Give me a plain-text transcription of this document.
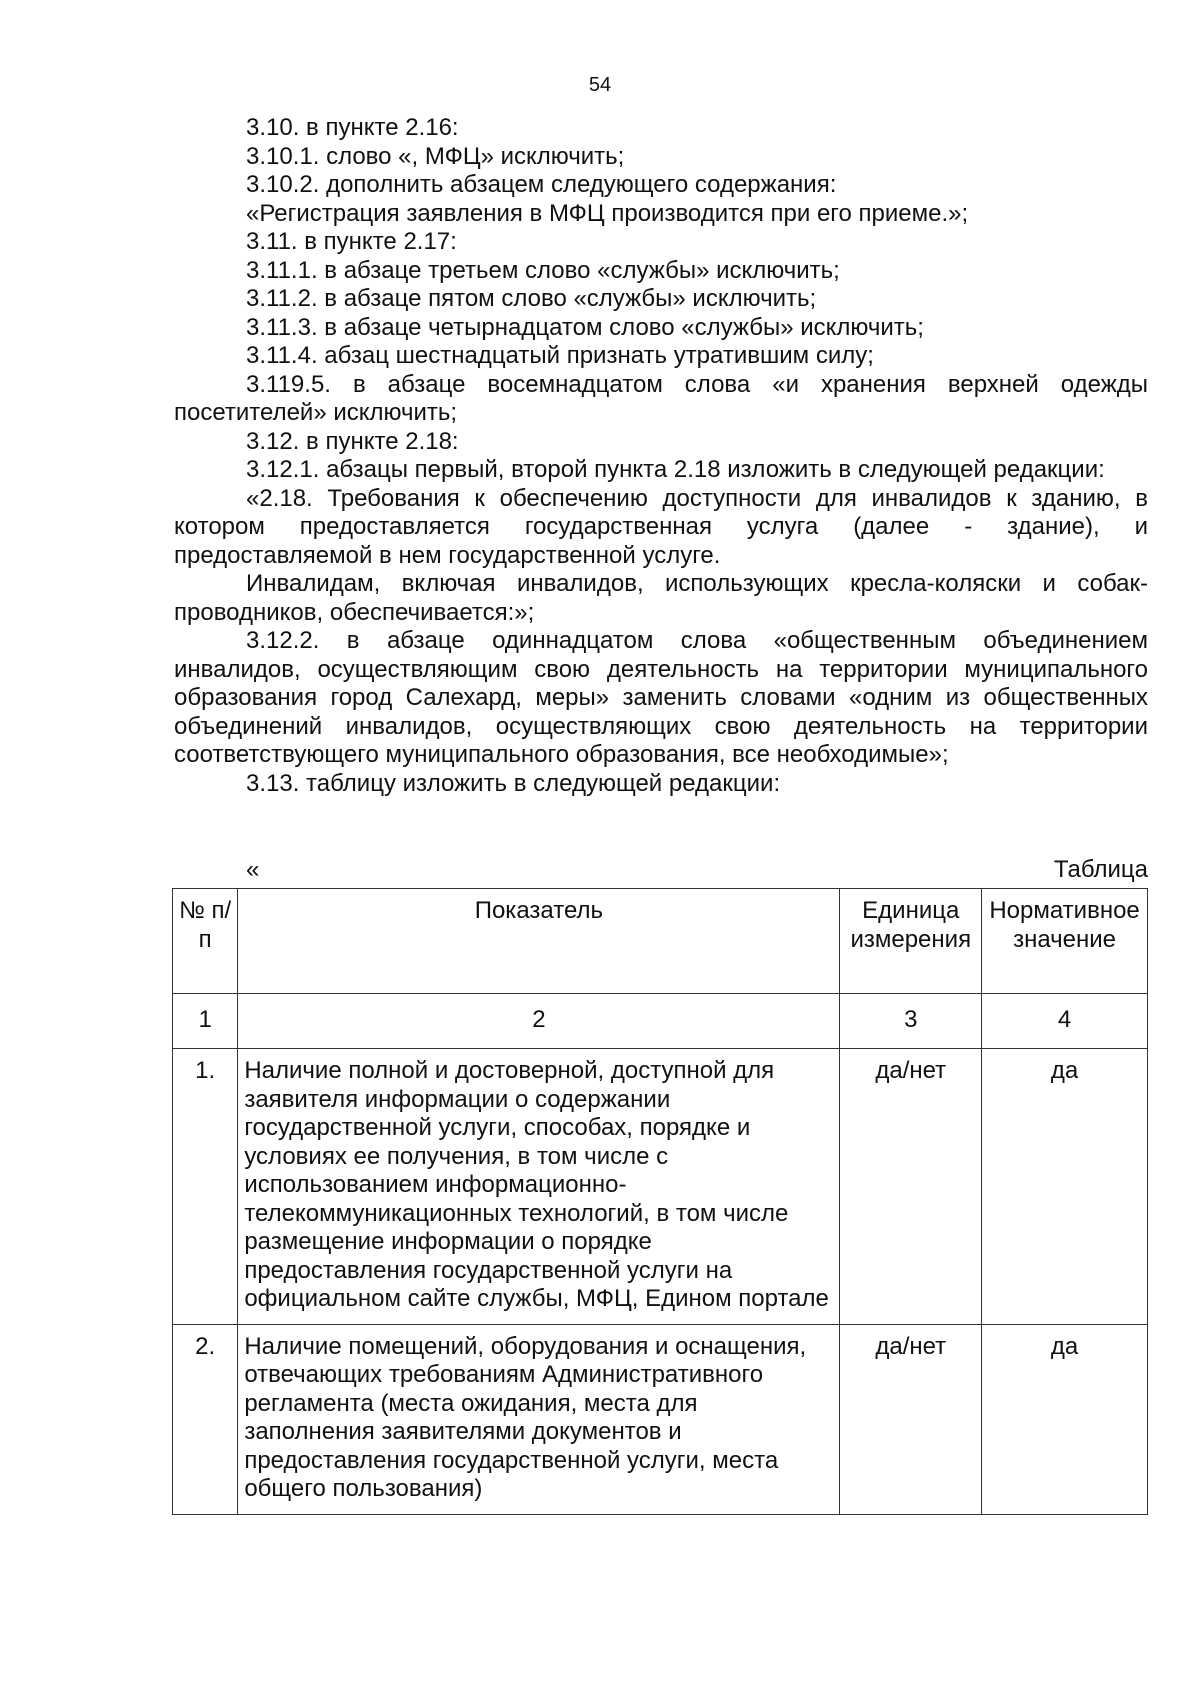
54

3.10. в пункте 2.16:

3.10.1. слово «, МФЦ» исключить;

3.10.2. дополнить абзацем следующего содержания:

«Регистрация заявления в МФЦ производится при его приеме.»;

3.11. в пункте 2.17:

3.11.1. в абзаце третьем слово «службы» исключить;

3.11.2. в абзаце пятом слово «службы» исключить;

3.11.3. в абзаце четырнадцатом слово «службы» исключить;

3.11.4. абзац шестнадцатый признать утратившим силу;

3.119.5. в абзаце восемнадцатом слова «и хранения верхней одежды посетителей» исключить;

3.12. в пункте 2.18:

3.12.1. абзацы первый, второй пункта 2.18 изложить в следующей редакции:

«2.18. Требования к обеспечению доступности для инвалидов к зданию, в котором предоставляется государственная услуга (далее - здание), и предоставляемой в нем государственной услуге.

Инвалидам, включая инвалидов, использующих кресла-коляски и собак-проводников, обеспечивается:»;

3.12.2. в абзаце одиннадцатом слова «общественным объединением инвалидов, осуществляющим свою деятельность на территории муниципального образования город Салехард, меры» заменить словами «одним из общественных объединений инвалидов, осуществляющих свою деятельность на территории соответствующего муниципального образования, все необходимые»;

3.13. таблицу изложить в следующей редакции:

«	Таблица
№ п/п	Показатель	Единица измерения	Нормативное значение
1	2	3	4
1.	Наличие полной и достоверной, доступной для заявителя информации о содержании государственной услуги, способах, порядке и условиях ее получения, в том числе с использованием информационно-телекоммуникационных технологий, в том числе размещение информации о порядке предоставления государственной услуги на официальном сайте службы, МФЦ, Едином портале	да/нет	да
2.	Наличие помещений, оборудования и оснащения, отвечающих требованиям Административного регламента (места ожидания, места для заполнения заявителями документов и предоставления государственной услуги, места общего пользования)	да/нет	да
